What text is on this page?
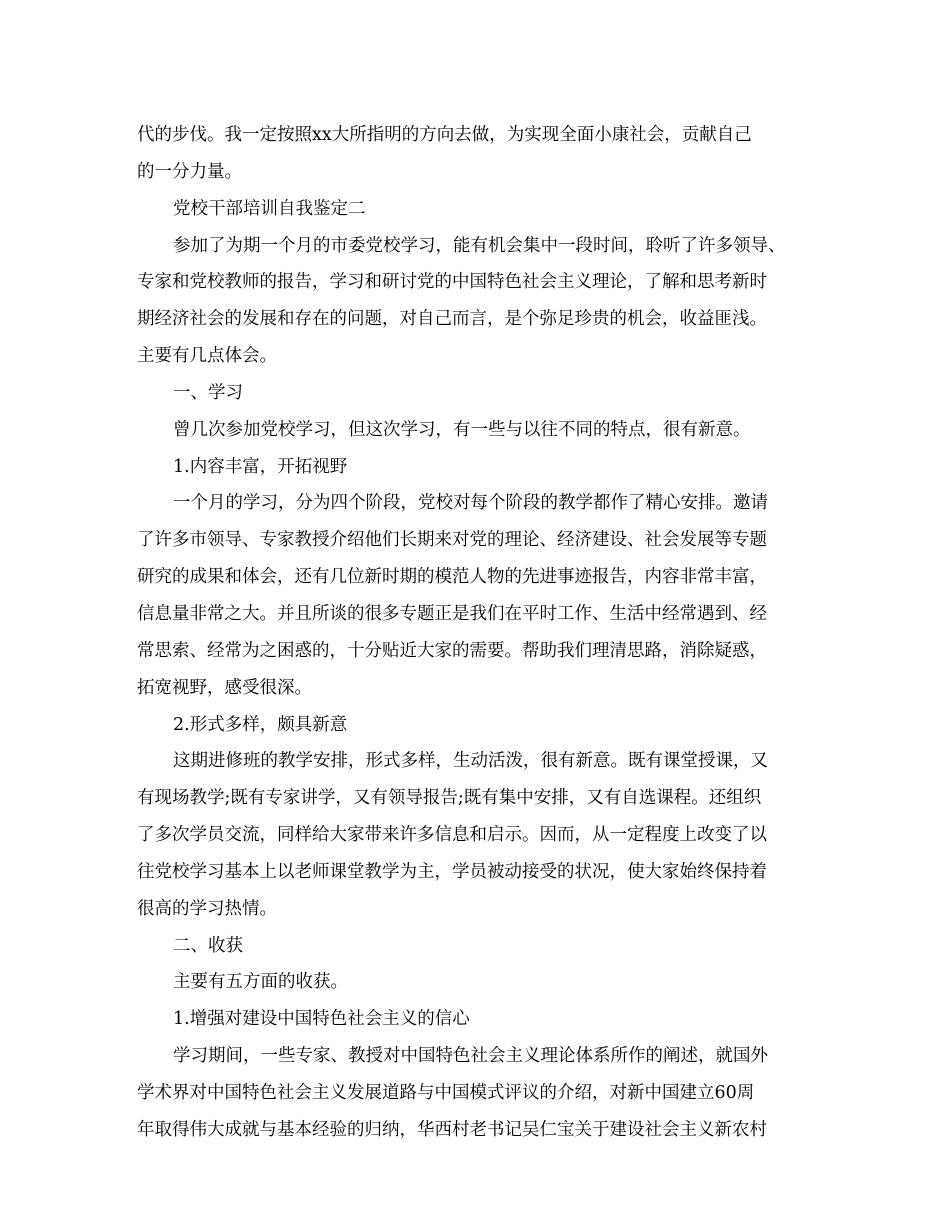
代的步伐。我一定按照xx大所指明的方向去做，为实现全面小康社会，贡献自己
的一分力量。
党校干部培训自我鉴定二
参加了为期一个月的市委党校学习，能有机会集中一段时间，聆听了许多领导、
专家和党校教师的报告，学习和研讨党的中国特色社会主义理论，了解和思考新时
期经济社会的发展和存在的问题，对自己而言，是个弥足珍贵的机会，收益匪浅。
主要有几点体会。
一、学习
曾几次参加党校学习，但这次学习，有一些与以往不同的特点，很有新意。
1.内容丰富，开拓视野
一个月的学习，分为四个阶段，党校对每个阶段的教学都作了精心安排。邀请
了许多市领导、专家教授介绍他们长期来对党的理论、经济建设、社会发展等专题
研究的成果和体会，还有几位新时期的模范人物的先进事迹报告，内容非常丰富，
信息量非常之大。并且所谈的很多专题正是我们在平时工作、生活中经常遇到、经
常思索、经常为之困惑的，十分贴近大家的需要。帮助我们理清思路，消除疑惑，
拓宽视野，感受很深。
2.形式多样，颇具新意
这期进修班的教学安排，形式多样，生动活泼，很有新意。既有课堂授课，又
有现场教学;既有专家讲学，又有领导报告;既有集中安排，又有自选课程。还组织
了多次学员交流，同样给大家带来许多信息和启示。因而，从一定程度上改变了以
往党校学习基本上以老师课堂教学为主，学员被动接受的状况，使大家始终保持着
很高的学习热情。
二、收获
主要有五方面的收获。
1.增强对建设中国特色社会主义的信心
学习期间，一些专家、教授对中国特色社会主义理论体系所作的阐述，就国外
学术界对中国特色社会主义发展道路与中国模式评议的介绍，对新中国建立60周
年取得伟大成就与基本经验的归纳，华西村老书记吴仁宝关于建设社会主义新农村
